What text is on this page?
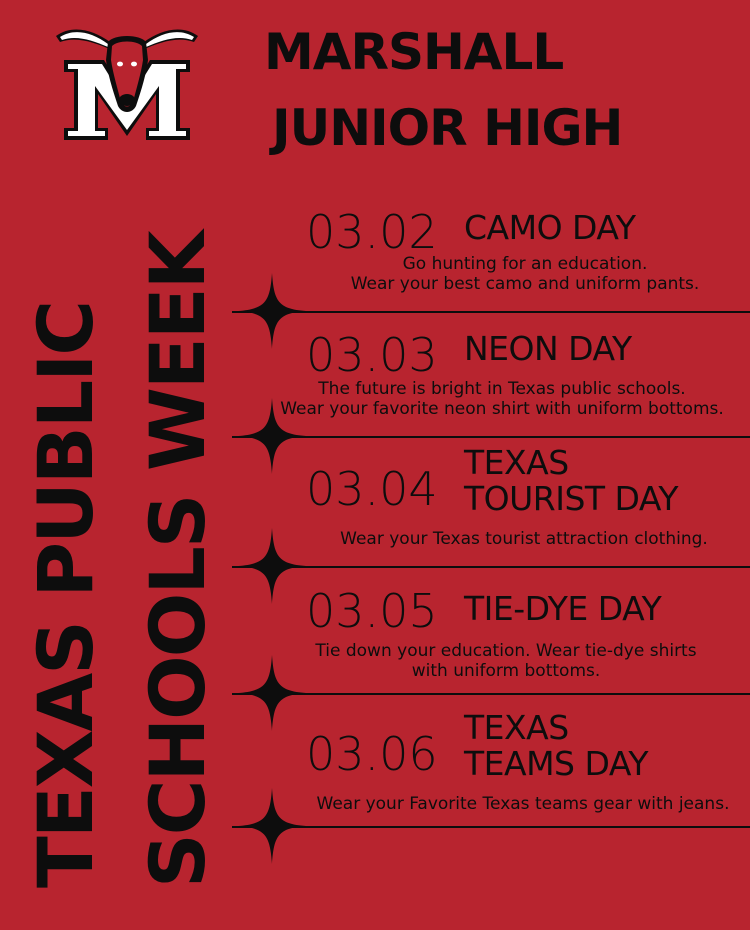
MARSHALL
JUNIOR HIGH
TEXAS PUBLIC SCHOOLS WEEK
03.02 CAMO DAY
Go hunting for an education.
Wear your best camo and uniform pants.
03.03 NEON DAY
The future is bright in Texas public schools.
Wear your favorite neon shirt with uniform bottoms.
03.04 TEXAS
TOURIST DAY
Wear your Texas tourist attraction clothing.
03.05 TIE-DYE DAY
Tie down your education. Wear tie-dye shirts
with uniform bottoms.
03.06 TEXAS
TEAMS DAY
Wear your Favorite Texas teams gear with jeans.
